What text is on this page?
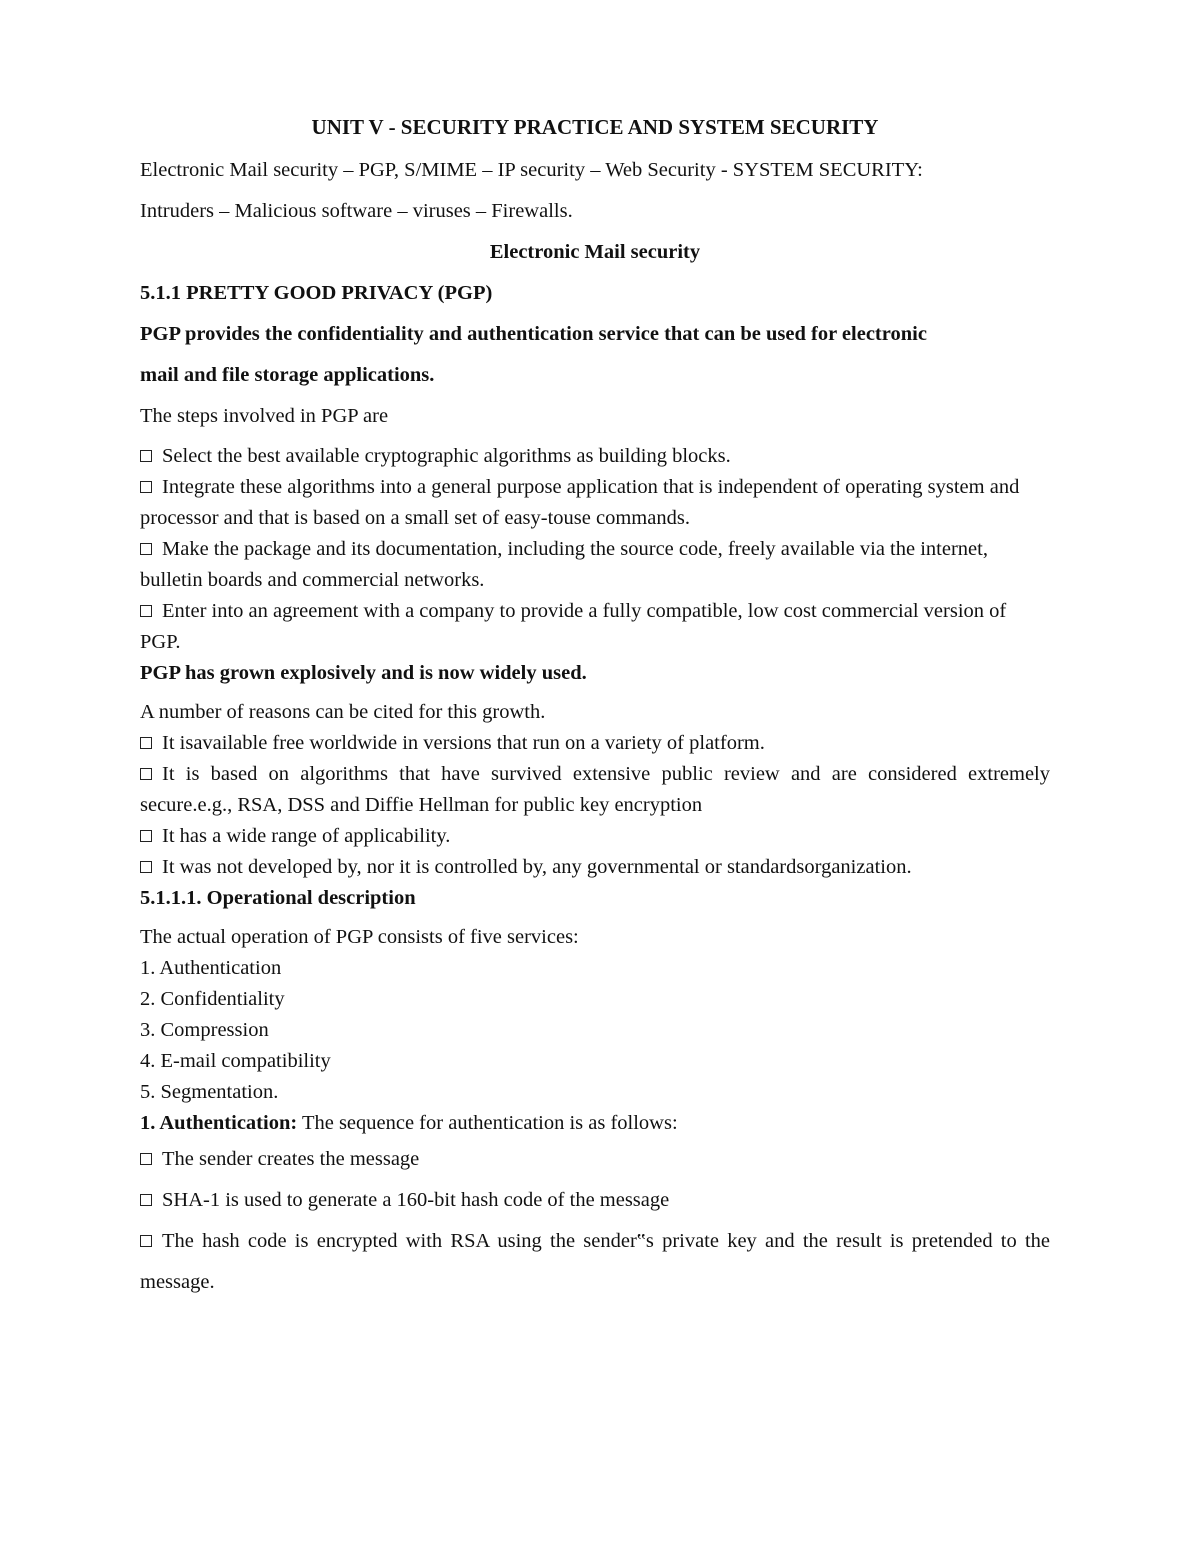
UNIT V - SECURITY PRACTICE AND SYSTEM SECURITY

Electronic Mail security – PGP, S/MIME – IP security – Web Security - SYSTEM SECURITY:

Intruders – Malicious software – viruses – Firewalls.

Electronic Mail security

5.1.1 PRETTY GOOD PRIVACY (PGP)

PGP provides the confidentiality and authentication service that can be used for electronic

mail and file storage applications.

The steps involved in PGP are

Select the best available cryptographic algorithms as building blocks.

Integrate these algorithms into a general purpose application that is independent of operating system and processor and that is based on a small set of easy-touse commands.

Make the package and its documentation, including the source code, freely available via the internet, bulletin boards and commercial networks.

Enter into an agreement with a company to provide a fully compatible, low cost commercial version of PGP.

PGP has grown explosively and is now widely used.

A number of reasons can be cited for this growth.

It isavailable free worldwide in versions that run on a variety of platform.

It is based on algorithms that have survived extensive public review and are considered extremely secure.e.g., RSA, DSS and Diffie Hellman for public key encryption

It has a wide range of applicability.

It was not developed by, nor it is controlled by, any governmental or standardsorganization.

5.1.1.1. Operational description

The actual operation of PGP consists of five services:

1. Authentication

2. Confidentiality

3. Compression

4. E-mail compatibility

5. Segmentation.

1. Authentication: The sequence for authentication is as follows:

The sender creates the message

SHA-1 is used to generate a 160-bit hash code of the message

The hash code is encrypted with RSA using the sender‟s private key and the result is pretended to the message.
